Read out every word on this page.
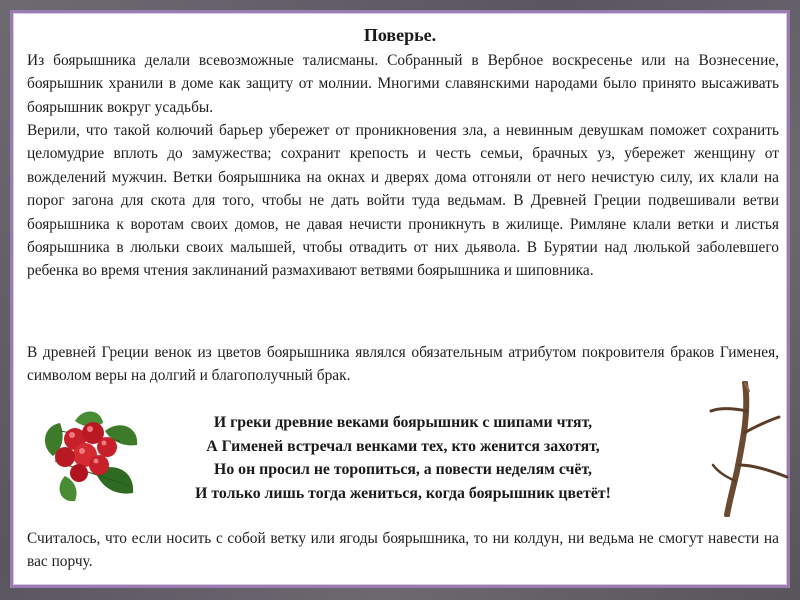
Поверье.

Из боярышника делали всевозможные талисманы. Собранный в Вербное воскресенье или на Вознесение, боярышник хранили в доме как защиту от молнии. Многими славянскими народами было принято высаживать боярышник вокруг усадьбы.

Верили, что такой колючий барьер убережет от проникновения зла, а невинным девушкам поможет сохранить целомудрие вплоть до замужества; сохранит крепость и честь семьи, брачных уз, убережет женщину от вожделений мужчин. Ветки боярышника на окнах и дверях дома отгоняли от него нечистую силу, их клали на порог загона для скота для того, чтобы не дать войти туда ведьмам. В Древней Греции подвешивали ветви боярышника к воротам своих домов, не давая нечисти проникнуть в жилище. Римляне клали ветки и листья боярышника в люльки своих малышей, чтобы отвадить от них дьявола. В Бурятии над люлькой заболевшего ребенка во время чтения заклинаний размахивают ветвями боярышника и шиповника.

В древней Греции венок из цветов боярышника являлся обязательным атрибутом покровителя браков Гименея, символом веры на долгий и благополучный брак.

И греки древние веками боярышник с шипами чтят,
А Гименей встречал венками тех, кто женится захотят,
Но он просил не торопиться, а повести неделям счёт,
И только лишь тогда жениться, когда боярышник цветёт!

Считалось, что если носить с собой ветку или ягоды боярышника, то ни колдун, ни ведьма не смогут навести на вас порчу.
